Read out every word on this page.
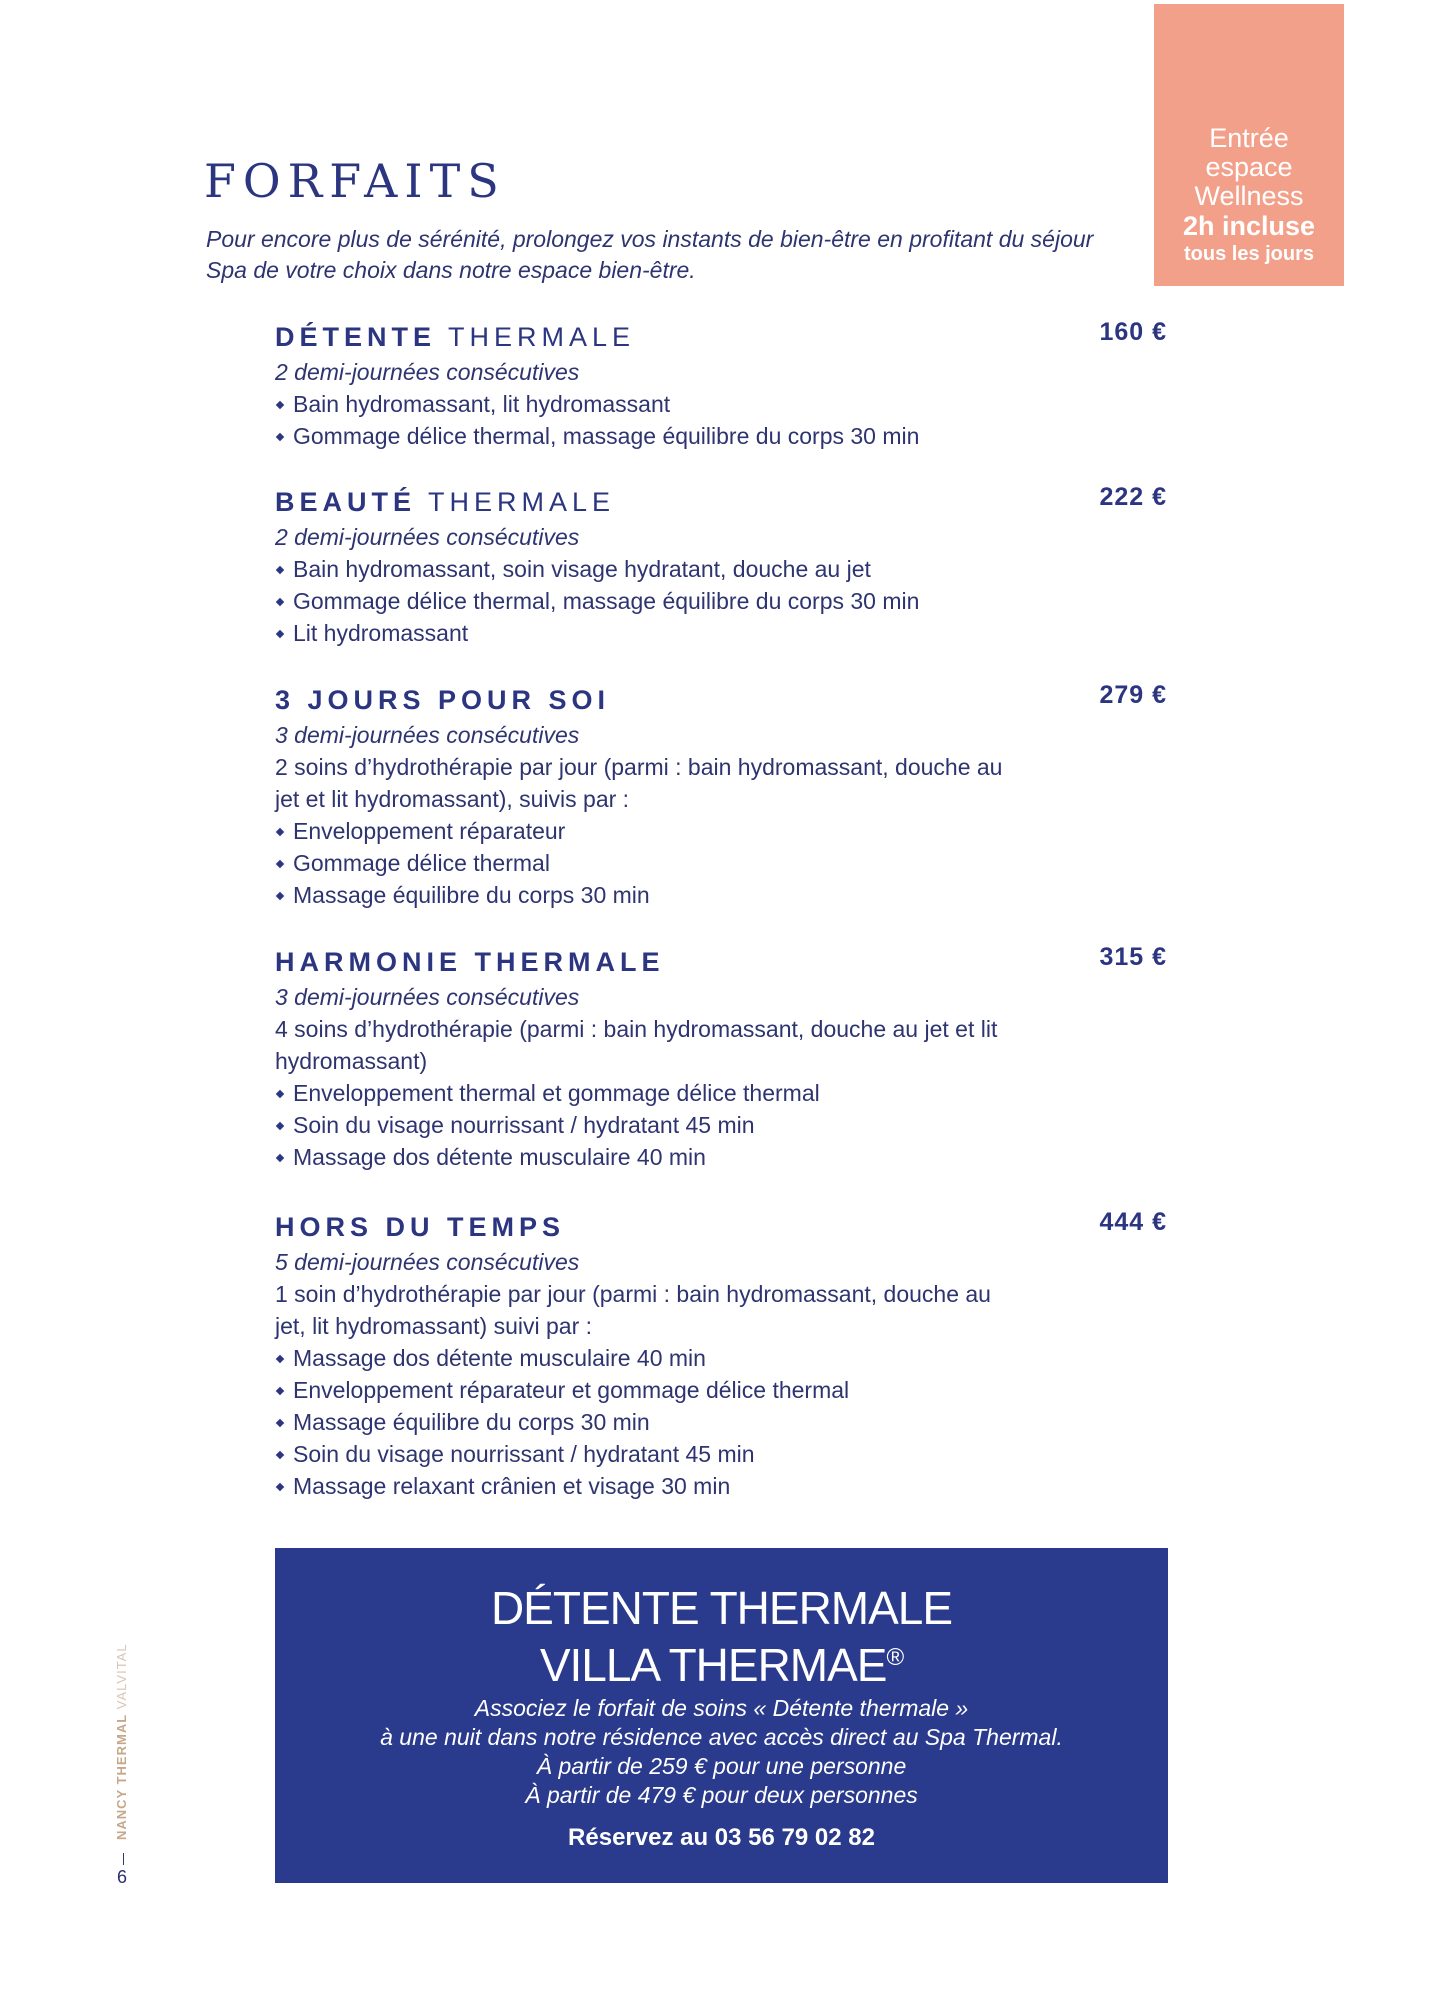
Entrée
espace
Wellness
2h incluse
tous les jours
FORFAITS

Pour encore plus de sérénité, prolongez vos instants de bien-être en profitant du séjour Spa de votre choix dans notre espace bien-être.

DÉTENTE THERMALE	160 €
2 demi-journées consécutives
Bain hydromassant, lit hydromassant
Gommage délice thermal, massage équilibre du corps 30 min
BEAUTÉ THERMALE	222 €
2 demi-journées consécutives
Bain hydromassant, soin visage hydratant, douche au jet
Gommage délice thermal, massage équilibre du corps 30 min
Lit hydromassant
3 JOURS POUR SOI	279 €
3 demi-journées consécutives
2 soins d’hydrothérapie par jour (parmi : bain hydromassant, douche au jet et lit hydromassant), suivis par :
Enveloppement réparateur
Gommage délice thermal
Massage équilibre du corps 30 min
HARMONIE THERMALE	315 €
3 demi-journées consécutives
4 soins d’hydrothérapie (parmi : bain hydromassant, douche au jet et lit hydromassant)
Enveloppement thermal et gommage délice thermal
Soin du visage nourrissant / hydratant 45 min
Massage dos détente musculaire 40 min
HORS DU TEMPS	444 €
5 demi-journées consécutives
1 soin d’hydrothérapie par jour (parmi : bain hydromassant, douche au jet, lit hydromassant) suivi par :
Massage dos détente musculaire 40 min
Enveloppement réparateur et gommage délice thermal
Massage équilibre du corps 30 min
Soin du visage nourrissant / hydratant 45 min
Massage relaxant crânien et visage 30 min
DÉTENTE THERMALE
VILLA THERMAE®
Associez le forfait de soins « Détente thermale »
à une nuit dans notre résidence avec accès direct au Spa Thermal.
À partir de 259 € pour une personne
À partir de 479 € pour deux personnes
Réservez au 03 56 79 02 82
NANCY THERMAL VALVITAL
6
